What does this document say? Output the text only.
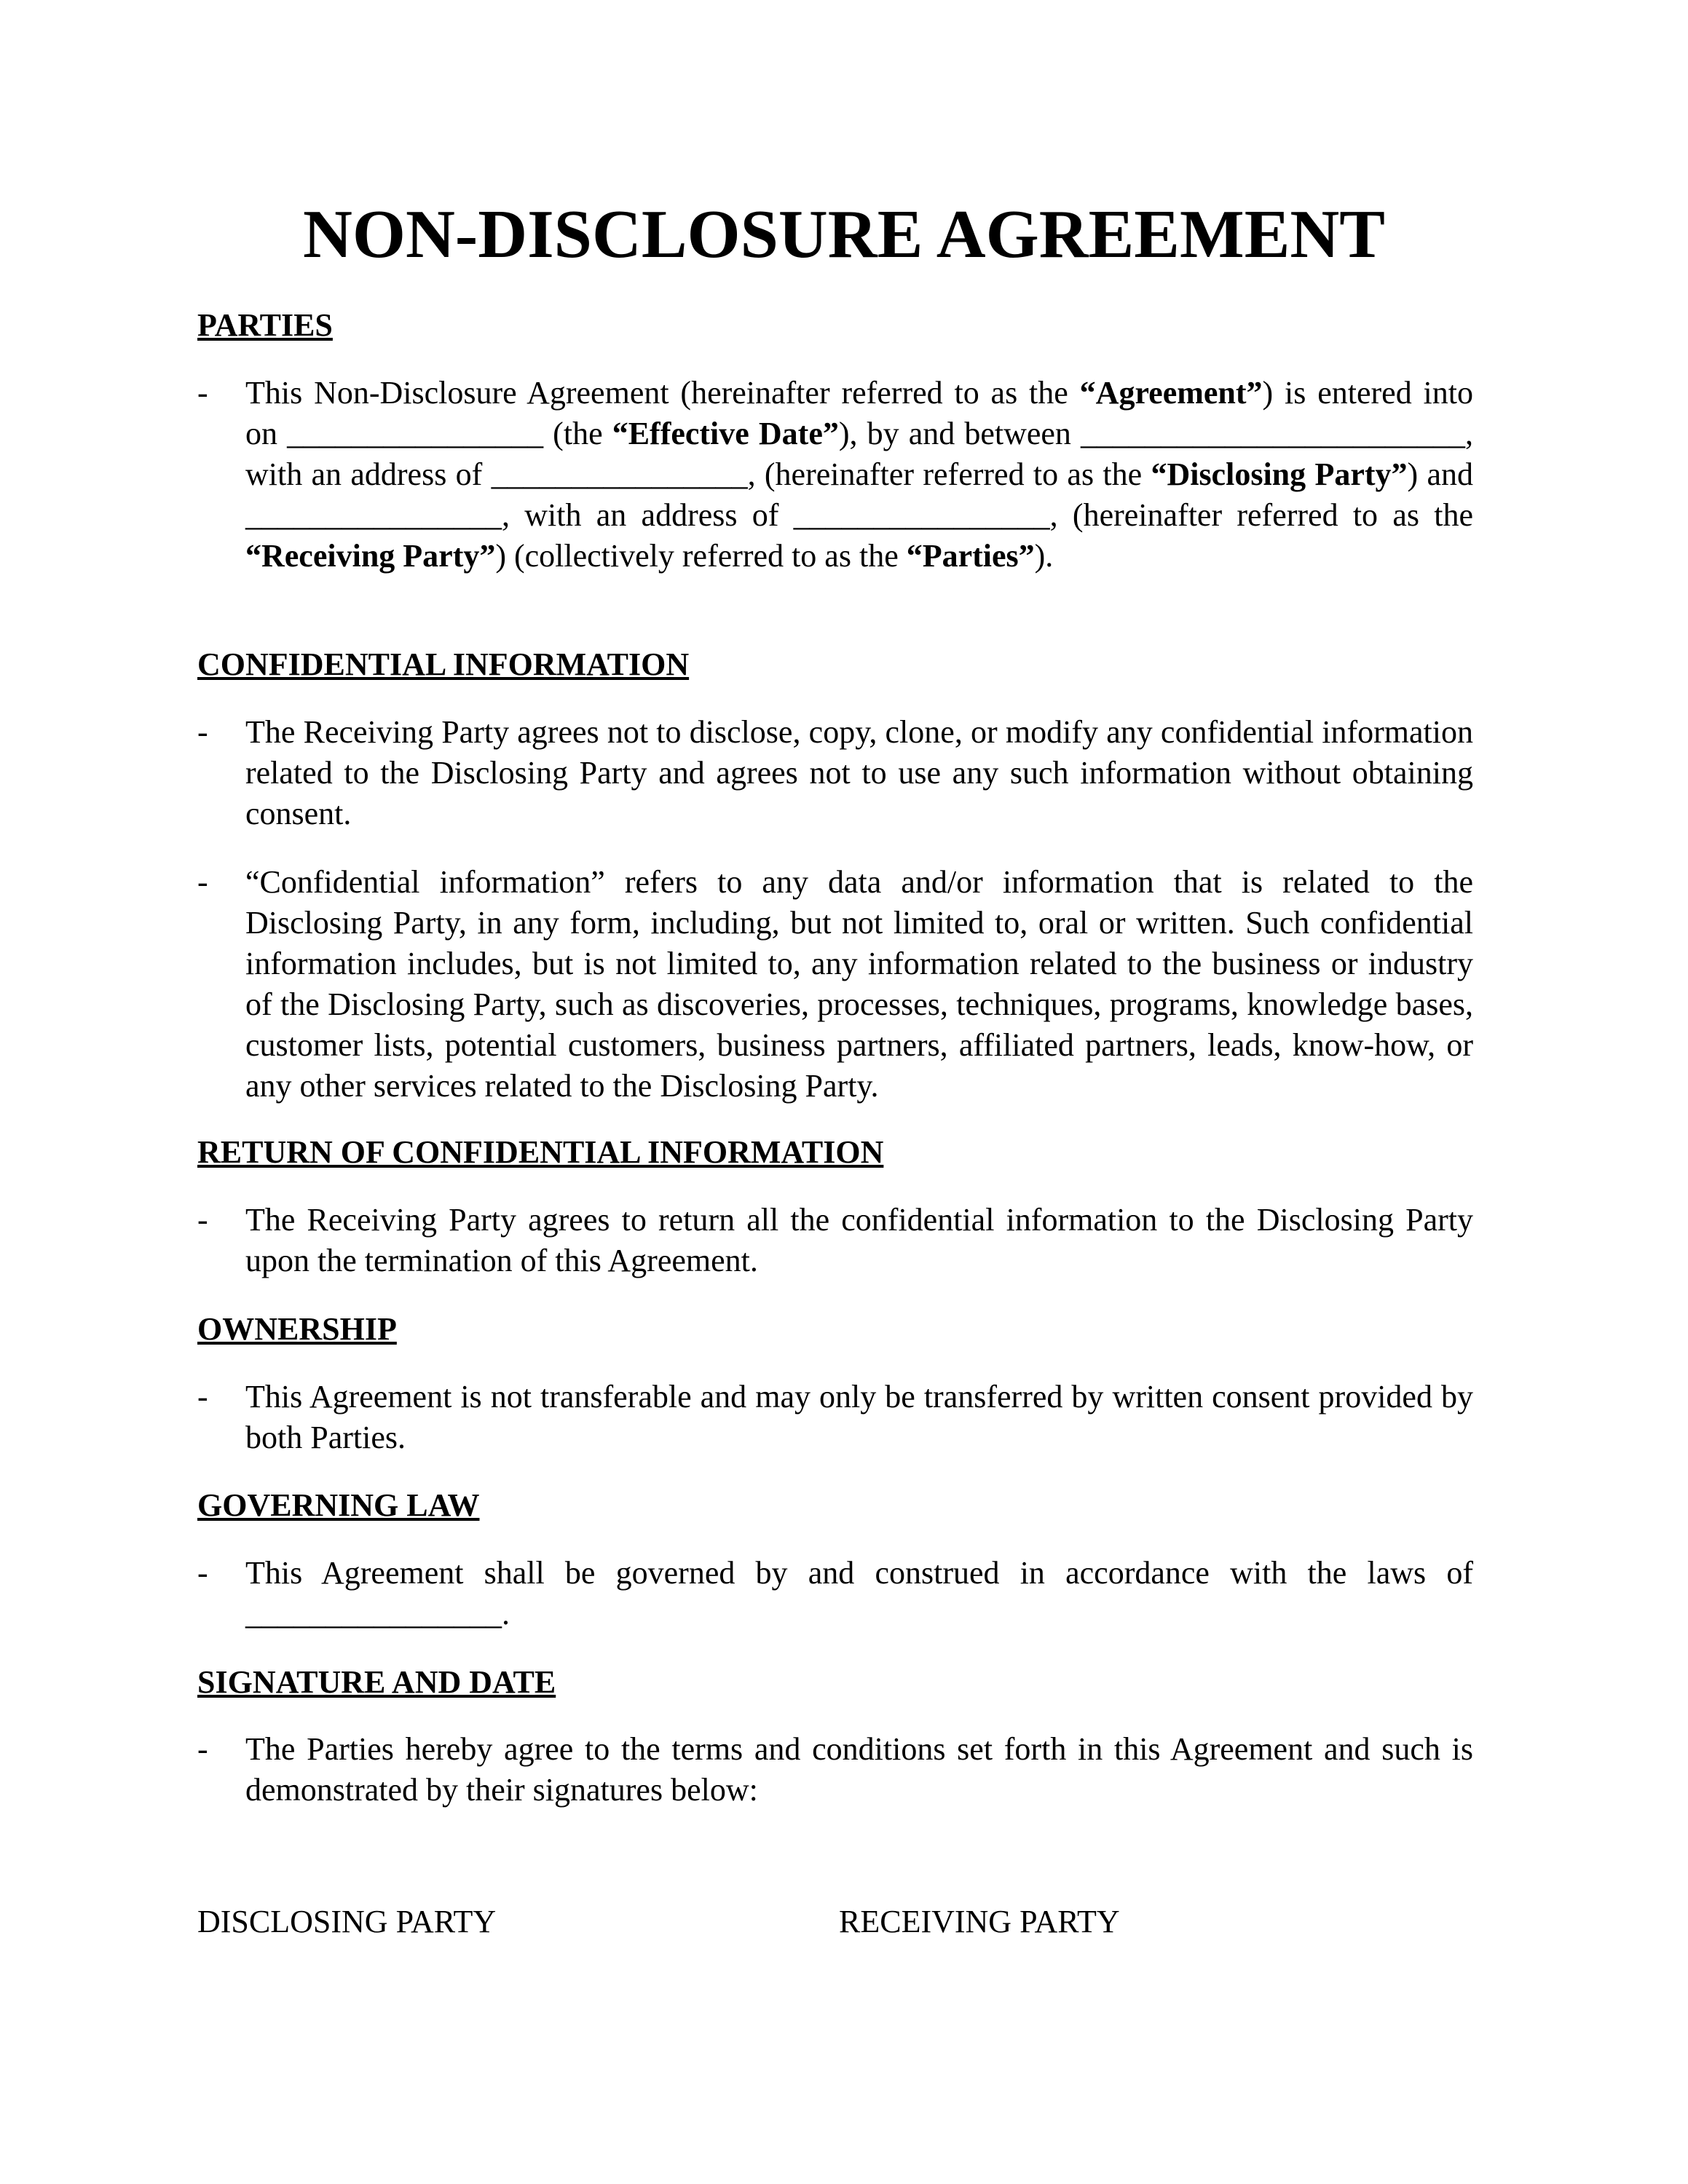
NON-DISCLOSURE AGREEMENT
PARTIES
- This Non-Disclosure Agreement (hereinafter referred to as the “Agreement”) is entered into on ________________ (the “Effective Date”), by and between ________________________, with an address of ________________, (hereinafter referred to as the “Disclosing Party”) and ________________, with an address of ________________, (hereinafter referred to as the “Receiving Party”) (collectively referred to as the “Parties”).
CONFIDENTIAL INFORMATION
- The Receiving Party agrees not to disclose, copy, clone, or modify any confidential information related to the Disclosing Party and agrees not to use any such information without obtaining consent.
- “Confidential information” refers to any data and/or information that is related to the Disclosing Party, in any form, including, but not limited to, oral or written. Such confidential information includes, but is not limited to, any information related to the business or industry of the Disclosing Party, such as discoveries, processes, techniques, programs, knowledge bases, customer lists, potential customers, business partners, affiliated partners, leads, know-how, or any other services related to the Disclosing Party.
RETURN OF CONFIDENTIAL INFORMATION
- The Receiving Party agrees to return all the confidential information to the Disclosing Party upon the termination of this Agreement.
OWNERSHIP
- This Agreement is not transferable and may only be transferred by written consent provided by both Parties.
GOVERNING LAW
- This Agreement shall be governed by and construed in accordance with the laws of ________________.
SIGNATURE AND DATE
- The Parties hereby agree to the terms and conditions set forth in this Agreement and such is demonstrated by their signatures below:
DISCLOSING PARTY	RECEIVING PARTY
